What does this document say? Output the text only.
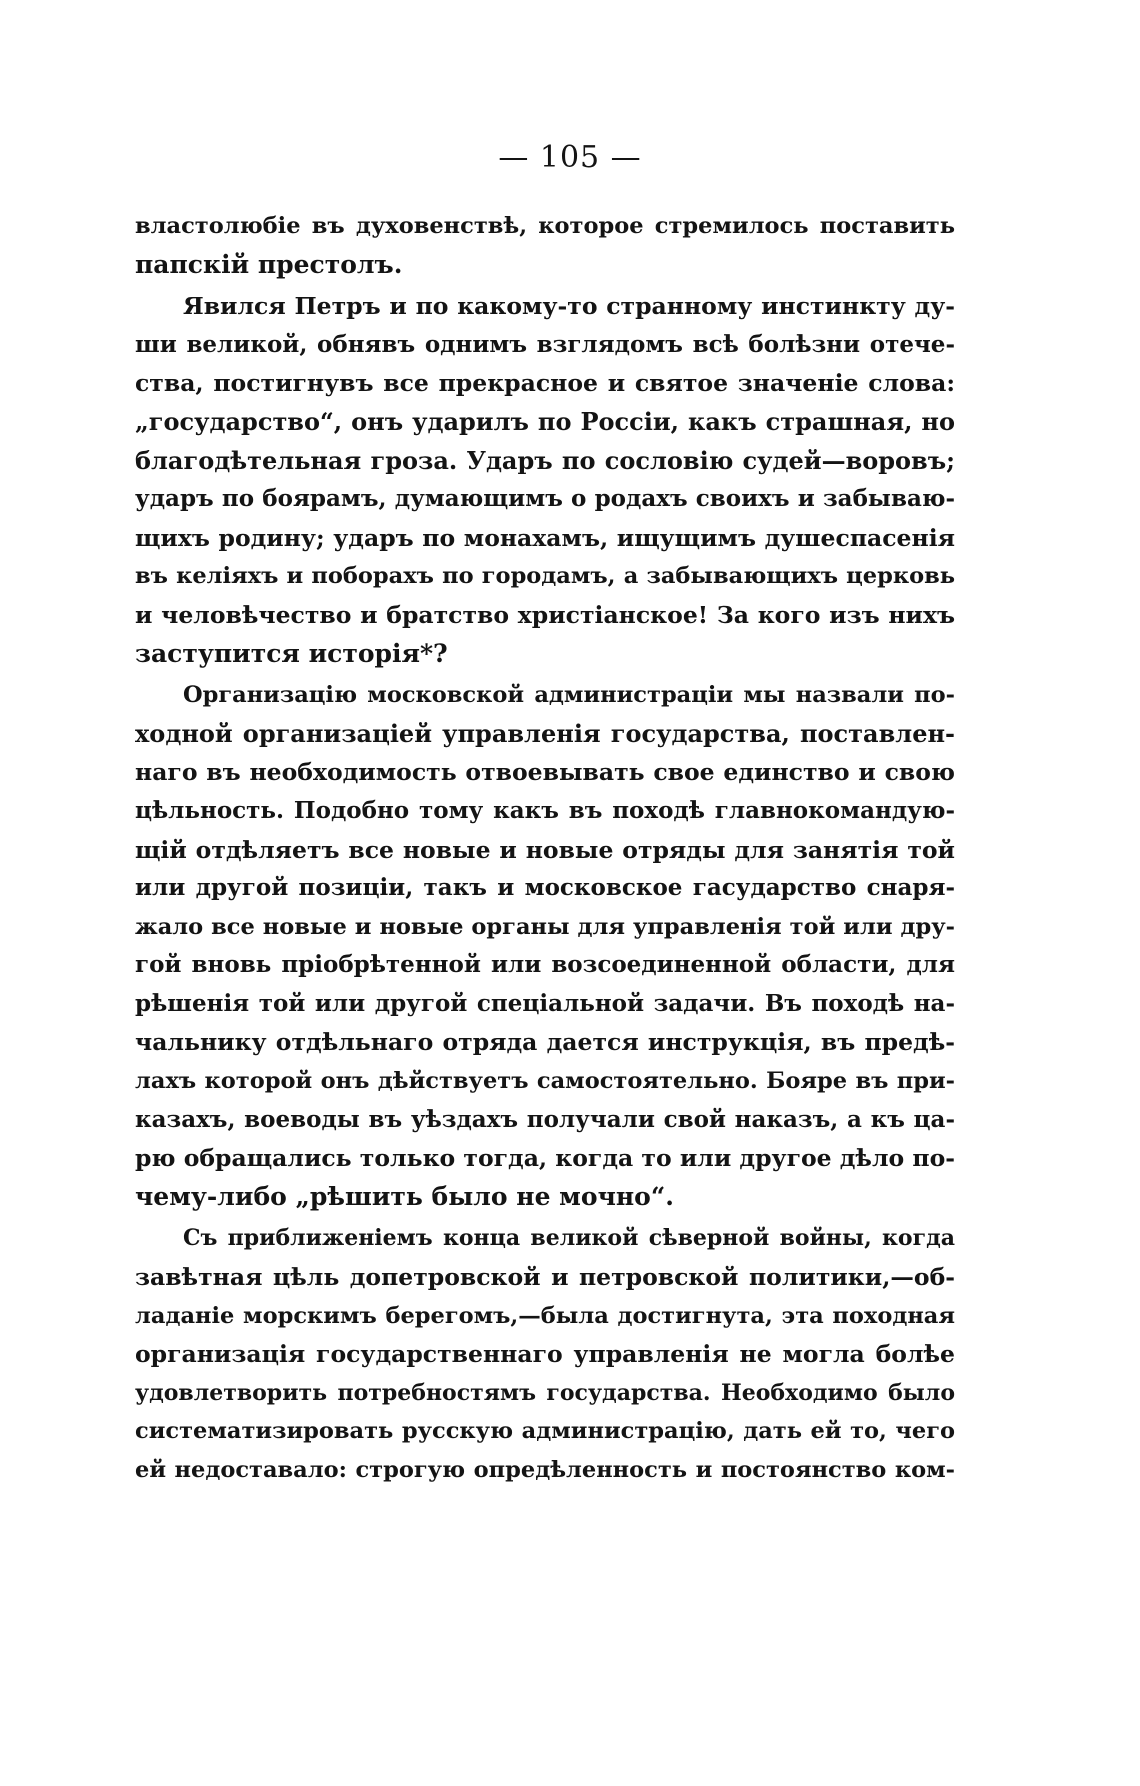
— 105 —
властолюбіе въ духовенствѣ, которое стремилось поставить
папскій престолъ.
Явился Петръ и по какому-то странному инстинкту ду-
ши великой, обнявъ однимъ взглядомъ всѣ болѣзни отече-
ства, постигнувъ все прекрасное и святое значеніе слова:
„государство“, онъ ударилъ по Россіи, какъ страшная, но
благодѣтельная гроза. Ударъ по сословію судей—воровъ;
ударъ по боярамъ, думающимъ о родахъ своихъ и забываю-
щихъ родину; ударъ по монахамъ, ищущимъ душеспасенія
въ келіяхъ и поборахъ по городамъ, а забывающихъ церковь
и человѣчество и братство христіанское! За кого изъ нихъ
заступится исторія*?
Организацію московской администраціи мы назвали по-
ходной организаціей управленія государства, поставлен-
наго въ необходимость отвоевывать свое единство и свою
цѣльность. Подобно тому какъ въ походѣ главнокомандую-
щій отдѣляетъ все новые и новые отряды для занятія той
или другой позиціи, такъ и московское гасударство снаря-
жало все новые и новые органы для управленія той или дру-
гой вновь пріобрѣтенной или возсоединенной области, для
рѣшенія той или другой спеціальной задачи. Въ походѣ на-
чальнику отдѣльнаго отряда дается инструкція, въ предѣ-
лахъ которой онъ дѣйствуетъ самостоятельно. Бояре въ при-
казахъ, воеводы въ уѣздахъ получали свой наказъ, а къ ца-
рю обращались только тогда, когда то или другое дѣло по-
чему-либо „рѣшить было не мочно“.
Съ приближеніемъ конца великой сѣверной войны, когда
завѣтная цѣль допетровской и петровской политики,—об-
ладаніе морскимъ берегомъ,—была достигнута, эта походная
организація государственнаго управленія не могла болѣе
удовлетворить потребностямъ государства. Необходимо было
систематизировать русскую администрацію, дать ей то, чего
ей недоставало: строгую опредѣленность и постоянство ком-
